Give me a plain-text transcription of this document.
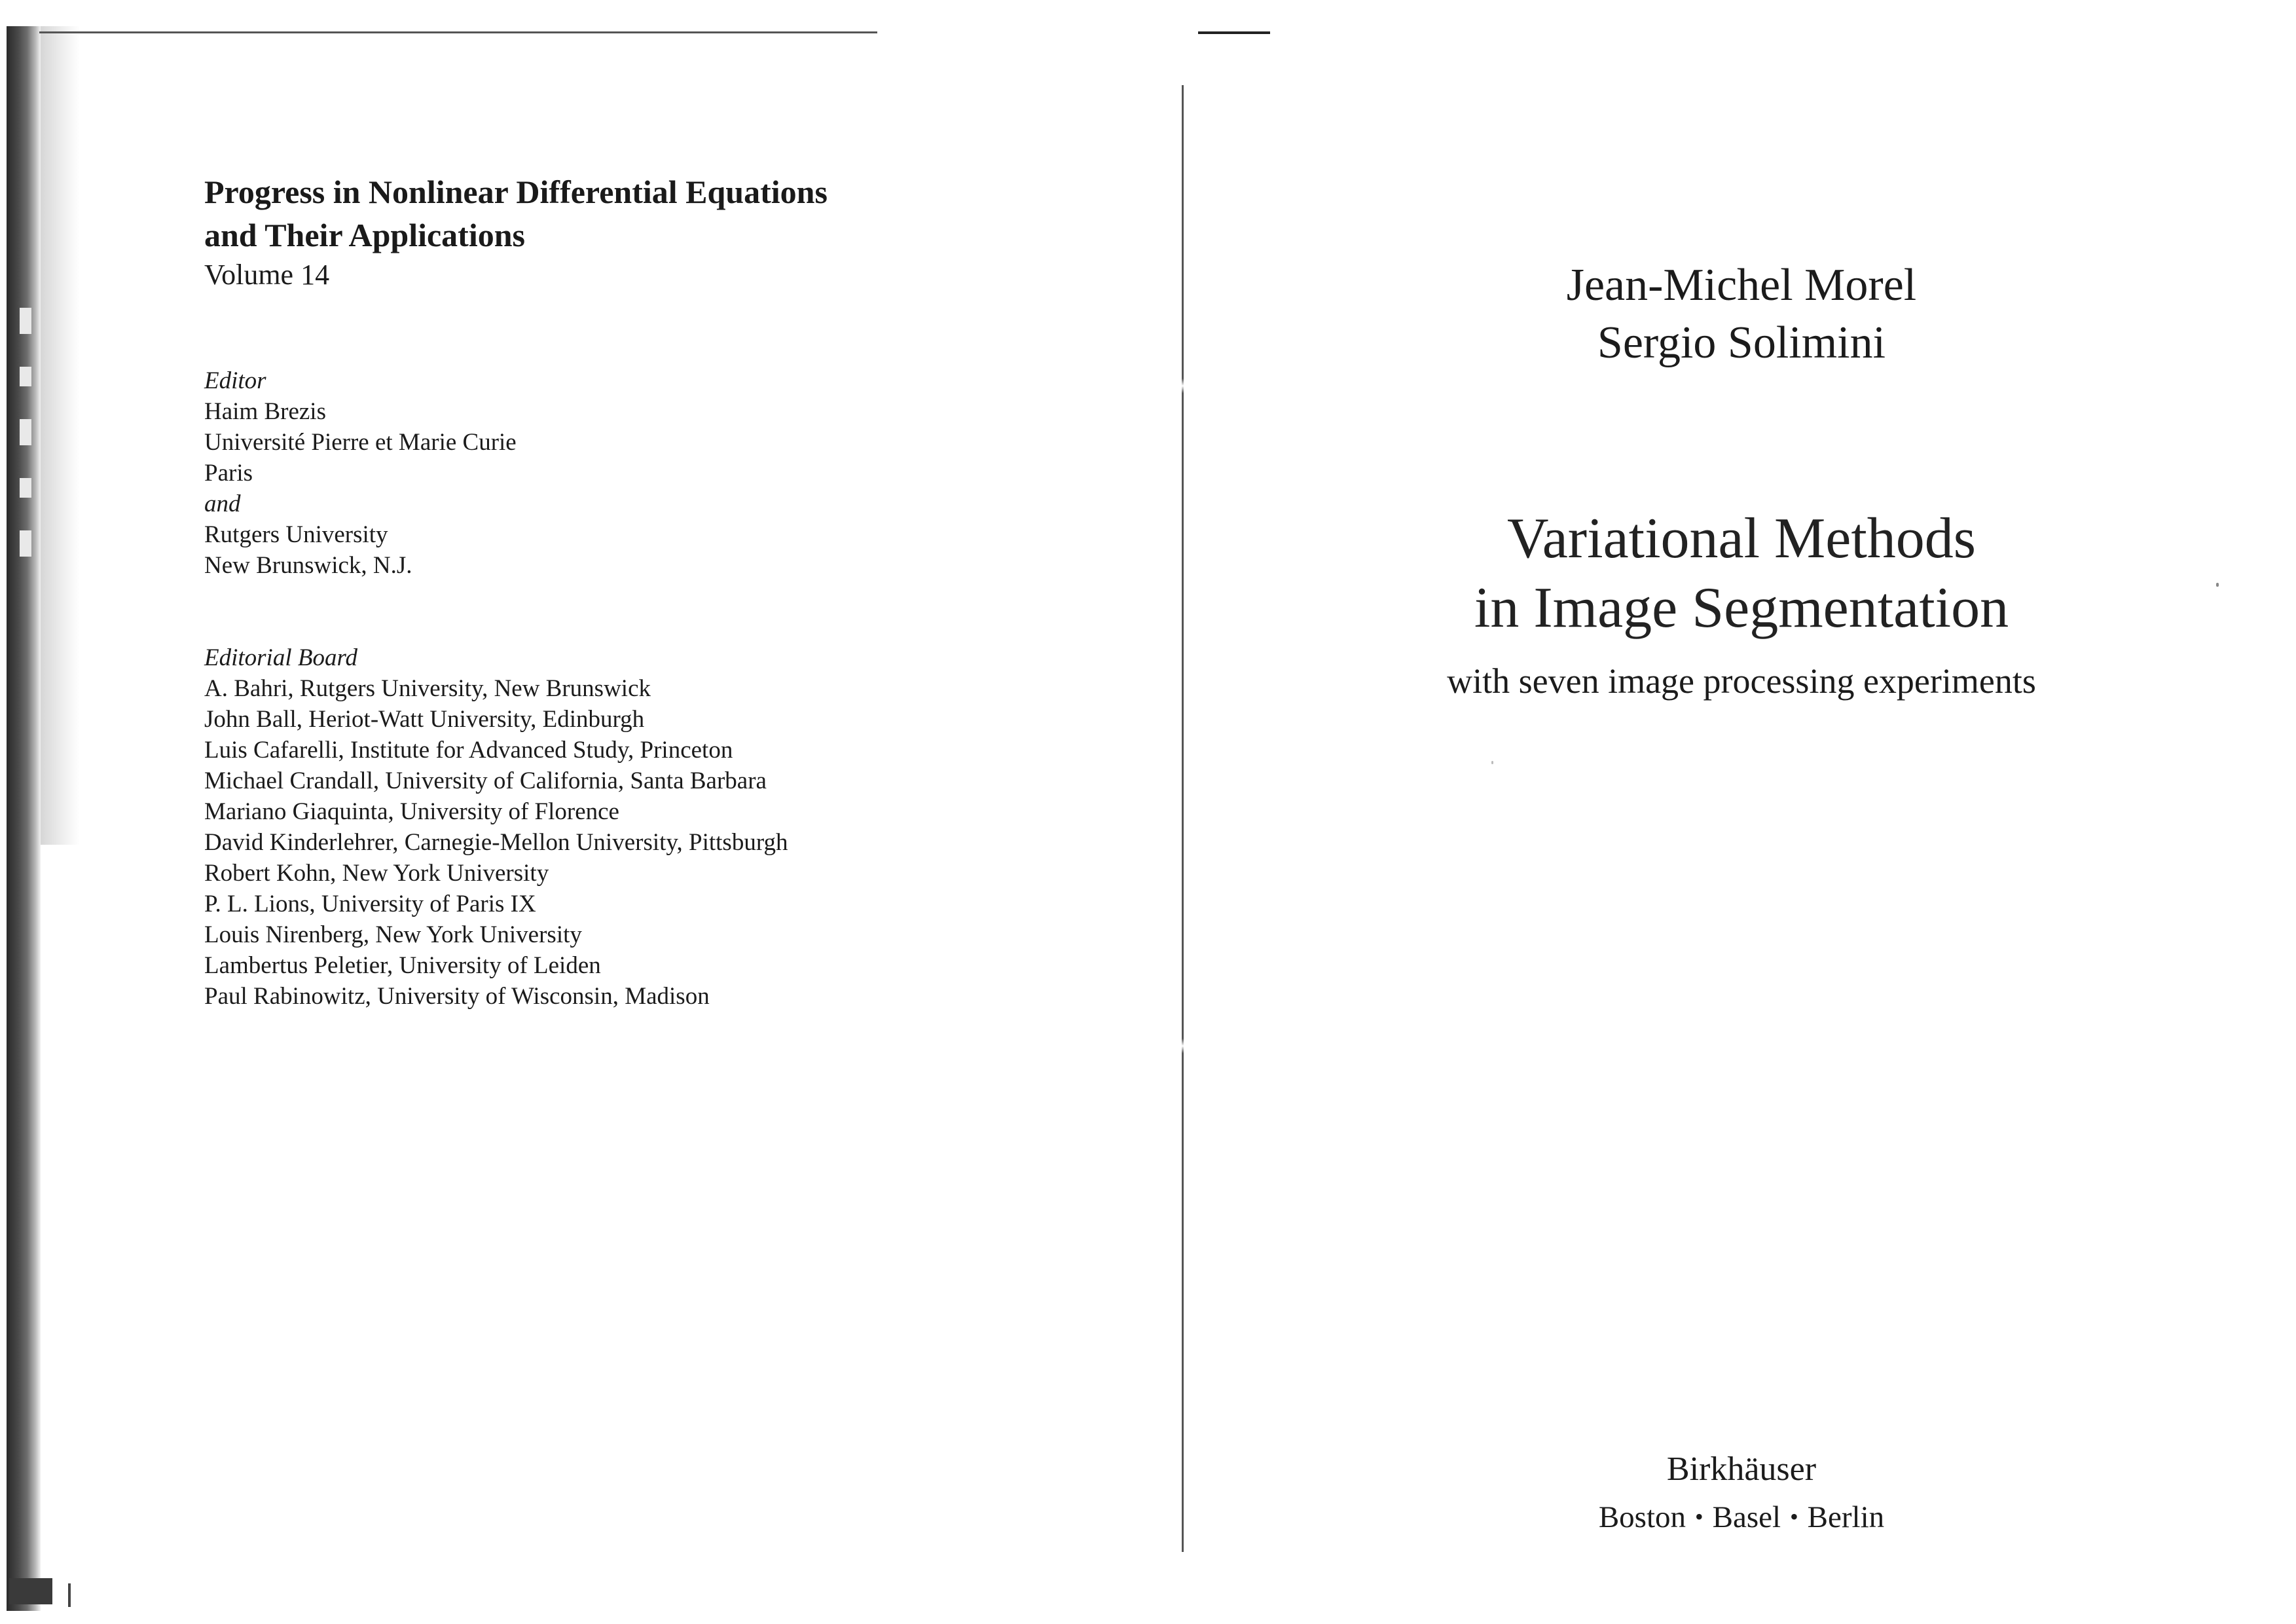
Progress in Nonlinear Differential Equations

and Their Applications

Volume 14

Editor

Haim Brezis

Université Pierre et Marie Curie

Paris

and

Rutgers University

New Brunswick, N.J.

Editorial Board

A. Bahri, Rutgers University, New Brunswick

John Ball, Heriot-Watt University, Edinburgh

Luis Cafarelli, Institute for Advanced Study, Princeton

Michael Crandall, University of California, Santa Barbara

Mariano Giaquinta, University of Florence

David Kinderlehrer, Carnegie-Mellon University, Pittsburgh

Robert Kohn, New York University

P. L. Lions, University of Paris IX

Louis Nirenberg, New York University

Lambertus Peletier, University of Leiden

Paul Rabinowitz, University of Wisconsin, Madison

Jean-Michel Morel
Sergio Solimini
Variational Methods
in Image Segmentation
with seven image processing experiments
Birkhäuser
Boston • Basel • Berlin
